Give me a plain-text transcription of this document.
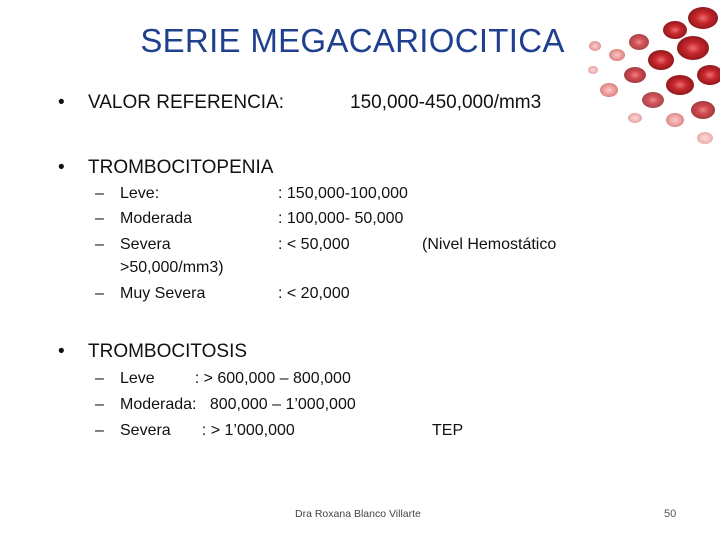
SERIE MEGACARIOCITICA
• VALOR REFERENCIA:	150,000-450,000/mm3
• TROMBOCITOPENIA
– Leve:	: 150,000-100,000
– Moderada	: 100,000- 50,000
– Severa	: < 50,000	(Nivel Hemostático
>50,000/mm3)
– Muy Severa	: < 20,000
• TROMBOCITOSIS
– Leve         : > 600,000 – 800,000
– Moderada:   800,000 – 1’000,000
– Severa       : > 1’000,000	TEP
Dra Roxana Blanco Villarte	50
